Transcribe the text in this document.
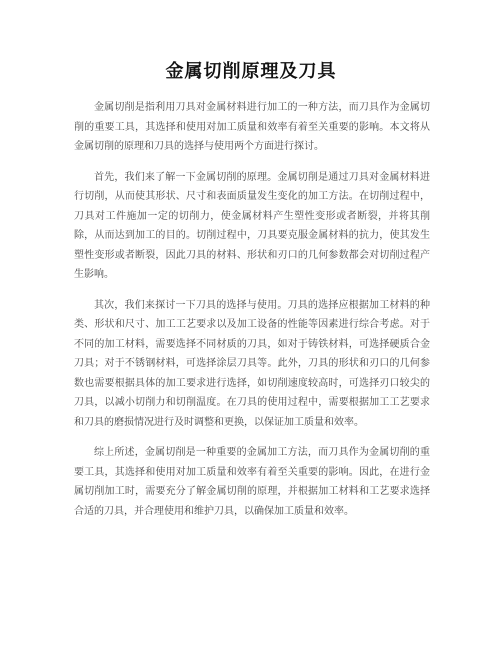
金属切削原理及刀具

金属切削是指利用刀具对金属材料进行加工的一种方法，而刀具作为金属切削的重要工具，其选择和使用对加工质量和效率有着至关重要的影响。本文将从金属切削的原理和刀具的选择与使用两个方面进行探讨。

首先，我们来了解一下金属切削的原理。金属切削是通过刀具对金属材料进行切削，从而使其形状、尺寸和表面质量发生变化的加工方法。在切削过程中，刀具对工件施加一定的切削力，使金属材料产生塑性变形或者断裂，并将其削除，从而达到加工的目的。切削过程中，刀具要克服金属材料的抗力，使其发生塑性变形或者断裂，因此刀具的材料、形状和刃口的几何参数都会对切削过程产生影响。

其次，我们来探讨一下刀具的选择与使用。刀具的选择应根据加工材料的种类、形状和尺寸、加工工艺要求以及加工设备的性能等因素进行综合考虑。对于不同的加工材料，需要选择不同材质的刀具，如对于铸铁材料，可选择硬质合金刀具；对于不锈钢材料，可选择涂层刀具等。此外，刀具的形状和刃口的几何参数也需要根据具体的加工要求进行选择，如切削速度较高时，可选择刃口较尖的刀具，以减小切削力和切削温度。在刀具的使用过程中，需要根据加工工艺要求和刀具的磨损情况进行及时调整和更换，以保证加工质量和效率。

综上所述，金属切削是一种重要的金属加工方法，而刀具作为金属切削的重要工具，其选择和使用对加工质量和效率有着至关重要的影响。因此，在进行金属切削加工时，需要充分了解金属切削的原理，并根据加工材料和工艺要求选择合适的刀具，并合理使用和维护刀具，以确保加工质量和效率。
